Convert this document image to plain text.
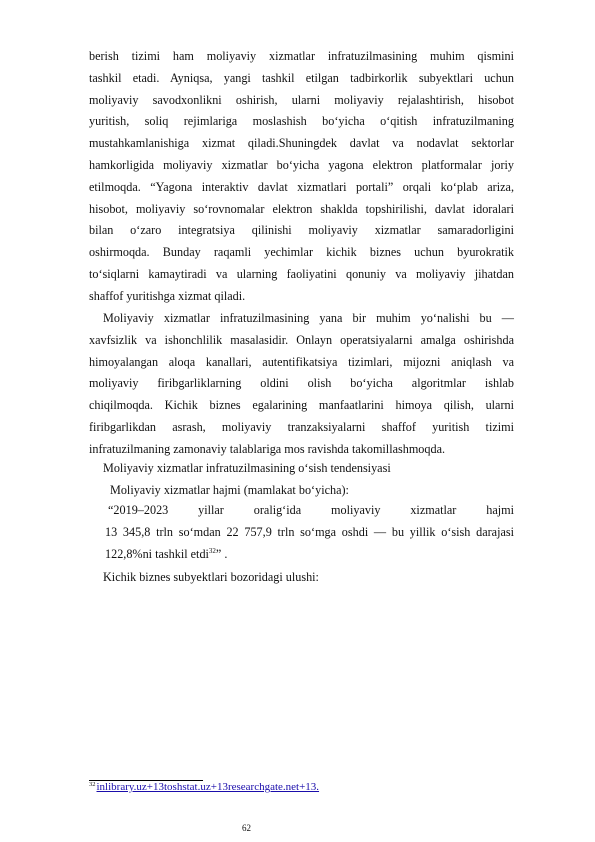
berish tizimi ham moliyaviy xizmatlar infratuzilmasining muhim qismini
tashkil etadi. Ayniqsa, yangi tashkil etilgan tadbirkorlik subyektlari uchun
moliyaviy savodxonlikni oshirish, ularni moliyaviy rejalashtirish, hisobot
yuritish, soliq rejimlariga moslashish bo‘yicha o‘qitish infratuzilmaning
mustahkamlanishiga xizmat qiladi.Shuningdek davlat va nodavlat sektorlar
hamkorligida moliyaviy xizmatlar bo‘yicha yagona elektron platformalar joriy
etilmoqda. “Yagona interaktiv davlat xizmatlari portali” orqali ko‘plab ariza,
hisobot, moliyaviy so‘rovnomalar elektron shaklda topshirilishi, davlat idoralari
bilan o‘zaro integratsiya qilinishi moliyaviy xizmatlar samaradorligini
oshirmoqda. Bunday raqamli yechimlar kichik biznes uchun byurokratik
to‘siqlarni kamaytiradi va ularning faoliyatini qonuniy va moliyaviy jihatdan
shaffof yuritishga xizmat qiladi.
Moliyaviy xizmatlar infratuzilmasining yana bir muhim yo‘nalishi bu —
xavfsizlik va ishonchlilik masalasidir. Onlayn operatsiyalarni amalga oshirishda
himoyalangan aloqa kanallari, autentifikatsiya tizimlari, mijozni aniqlash va
moliyaviy firibgarliklarning oldini olish bo‘yicha algoritmlar ishlab
chiqilmoqda. Kichik biznes egalarining manfaatlarini himoya qilish, ularni
firibgarlikdan asrash, moliyaviy tranzaksiyalarni shaffof yuritish tizimi
infratuzilmaning zamonaviy talablariga mos ravishda takomillashmoqda.

Moliyaviy xizmatlar infratuzilmasining o‘sish tendensiyasi

Moliyaviy xizmatlar hajmi (mamlakat bo‘yicha):

“2019–2023 yillar oralig‘ida moliyaviy xizmatlar hajmi
13 345,8 trln so‘mdan 22 757,9 trln so‘mga oshdi — bu yillik o‘sish darajasi
122,8%ni tashkil etdi$^{32}$” .

Kichik biznes subyektlari bozoridagi ulushi:

$^{32}$inlibrary.uz+13toshstat.uz+13researchgate.net+13.
62
